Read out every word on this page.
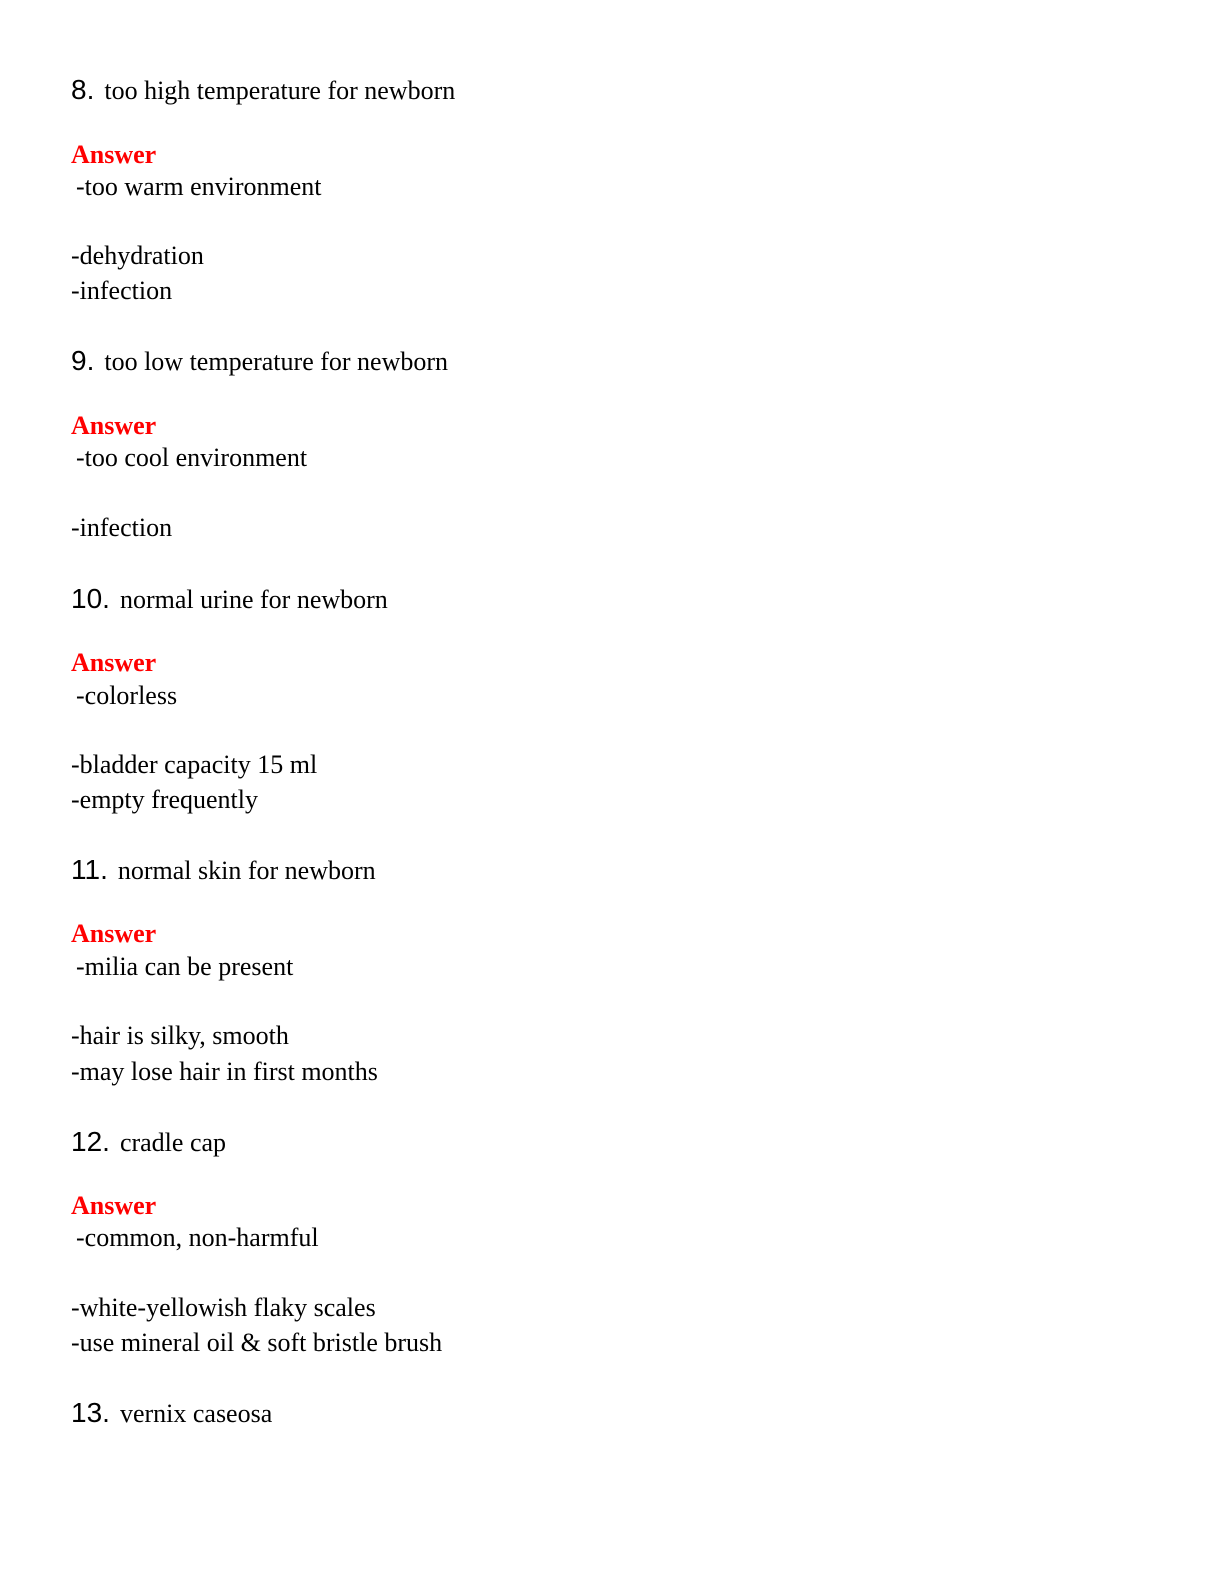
8. too high temperature for newborn
Answer
-too warm environment
-dehydration
-infection
9. too low temperature for newborn
Answer
-too cool environment
-infection
10. normal urine for newborn
Answer
-colorless
-bladder capacity 15 ml
-empty frequently
11. normal skin for newborn
Answer
-milia can be present
-hair is silky, smooth
-may lose hair in first months
12. cradle cap
Answer
-common, non-harmful
-white-yellowish flaky scales
-use mineral oil & soft bristle brush
13. vernix caseosa
